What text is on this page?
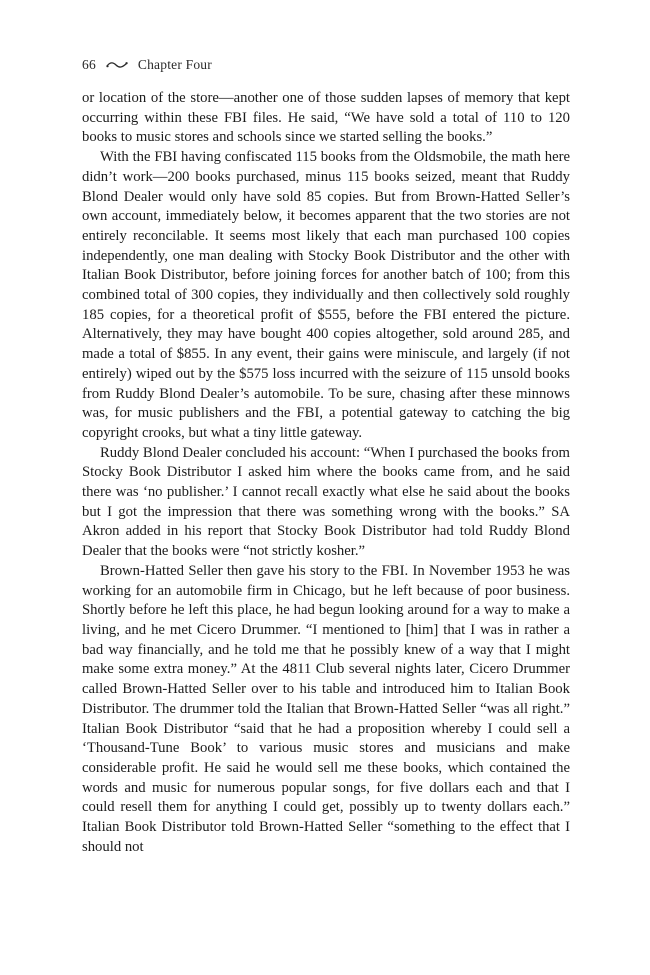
66	Chapter Four

or location of the store—another one of those sudden lapses of memory that kept occurring within these FBI files. He said, “We have sold a total of 110 to 120 books to music stores and schools since we started selling the books.”

With the FBI having confiscated 115 books from the Oldsmobile, the math here didn’t work—200 books purchased, minus 115 books seized, meant that Ruddy Blond Dealer would only have sold 85 copies. But from Brown-Hatted Seller’s own account, immediately below, it becomes apparent that the two stories are not entirely reconcilable. It seems most likely that each man purchased 100 copies independently, one man dealing with Stocky Book Distributor and the other with Italian Book Distributor, before joining forces for another batch of 100; from this combined total of 300 copies, they individually and then collectively sold roughly 185 copies, for a theoretical profit of $555, before the FBI entered the picture. Alternatively, they may have bought 400 copies altogether, sold around 285, and made a total of $855. In any event, their gains were miniscule, and largely (if not entirely) wiped out by the $575 loss incurred with the seizure of 115 unsold books from Ruddy Blond Dealer’s automobile. To be sure, chasing after these minnows was, for music publishers and the FBI, a potential gateway to catching the big copyright crooks, but what a tiny little gateway.

Ruddy Blond Dealer concluded his account: “When I purchased the books from Stocky Book Distributor I asked him where the books came from, and he said there was ‘no publisher.’ I cannot recall exactly what else he said about the books but I got the impression that there was something wrong with the books.” SA Akron added in his report that Stocky Book Distributor had told Ruddy Blond Dealer that the books were “not strictly kosher.”

Brown-Hatted Seller then gave his story to the FBI. In November 1953 he was working for an automobile firm in Chicago, but he left because of poor business. Shortly before he left this place, he had begun looking around for a way to make a living, and he met Cicero Drummer. “I mentioned to [him] that I was in rather a bad way financially, and he told me that he possibly knew of a way that I might make some extra money.” At the 4811 Club several nights later, Cicero Drummer called Brown-Hatted Seller over to his table and introduced him to Italian Book Distributor. The drummer told the Italian that Brown-Hatted Seller “was all right.” Italian Book Distributor “said that he had a proposition whereby I could sell a ‘Thousand-Tune Book’ to various music stores and musicians and make considerable profit. He said he would sell me these books, which contained the words and music for numerous popular songs, for five dollars each and that I could resell them for anything I could get, possibly up to twenty dollars each.” Italian Book Distributor told Brown-Hatted Seller “something to the effect that I should not
